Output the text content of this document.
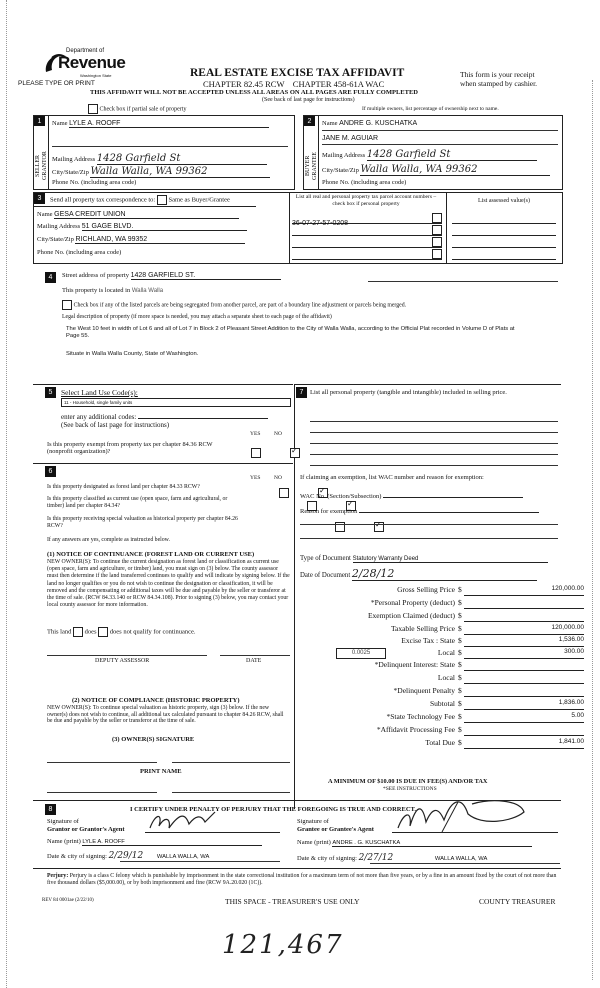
Department of
Revenue
Washington State
PLEASE TYPE OR PRINT
REAL ESTATE EXCISE TAX AFFIDAVIT
CHAPTER 82.45 RCW    CHAPTER 458-61A WAC
This form is your receipt
when stamped by cashier.
THIS AFFIDAVIT WILL NOT BE ACCEPTED UNLESS ALL AREAS ON ALL PAGES ARE FULLY COMPLETED
(See back of last page for instructions)
Check box if partial sale of property	If multiple owners, list percentage of ownership next to name.
1
SELLER GRANTOR
Name LYLE A. ROOFF
Mailing Address 1428 Garfield St
City/State/Zip Walla Walla, WA 99362
Phone No. (including area code)
2
BUYER GRANTEE
Name ANDRE G. KUSCHATKA
JANE M. AGUIAR
Mailing Address 1428 Garfield St
City/State/Zip Walla Walla, WA 99362
Phone No. (including area code)
3	Send all property tax correspondence to: Same as Buyer/Grantee
Name GESA CREDIT UNION
Mailing Address 51 GAGE BLVD.
City/State/Zip RICHLAND, WA 99352
Phone No. (including area code)
List all real and personal property tax parcel account numbers – check box if personal property	List assessed value(s)
36-07-27-57-0208
4	Street address of property 1428 GARFIELD ST.
This property is located in Walla Walla
Check box if any of the listed parcels are being segregated from another parcel, are part of a boundary line adjustment or parcels being merged.
Legal description of property (if more space is needed, you may attach a separate sheet to each page of the affidavit)
The West 10 feet in width of Lot 6 and all of Lot 7 in Block 2 of Pleasant Street Addition to the City of Walla Walla, according to the Official Plat recorded in Volume D of Plats at Page 55.
Situate in Walla Walla County, State of Washington.
5	Select Land Use Code(s):
11 - Household, single family units
enter any additional codes:
(See back of last page for instructions)
YES NO
Is this property exempt from property tax per chapter 84.36 RCW (nonprofit organization)?
✓
6
YES NO
Is this property designated as forest land per chapter 84.33 RCW?
✓
Is this property classified as current use (open space, farm and agricultural, or timber) land per chapter 84.34?
✓
Is this property receiving special valuation as historical property per chapter 84.26 RCW?
✓
If any answers are yes, complete as instructed below.
(1) NOTICE OF CONTINUANCE (FOREST LAND OR CURRENT USE)
NEW OWNER(S): To continue the current designation as forest land or classification as current use (open space, farm and agriculture, or timber) land, you must sign on (3) below. The county assessor must then determine if the land transferred continues to qualify and will indicate by signing below. If the land no longer qualifies or you do not wish to continue the designation or classification, it will be removed and the compensating or additional taxes will be due and payable by the seller or transferor at the time of sale. (RCW 84.33.140 or RCW 84.34.108). Prior to signing (3) below, you may contact your local county assessor for more information.
This land does does not qualify for continuance.
DEPUTY ASSESSOR	DATE
(2) NOTICE OF COMPLIANCE (HISTORIC PROPERTY)
NEW OWNER(S): To continue special valuation as historic property, sign (3) below. If the new owner(s) does not wish to continue, all additional tax calculated pursuant to chapter 84.26 RCW, shall be due and payable by the seller or transferor at the time of sale.
(3) OWNER(S) SIGNATURE
PRINT NAME
7	List all personal property (tangible and intangible) included in selling price.
If claiming an exemption, list WAC number and reason for exemption:
WAC No. (Section/Subsection)
Reason for exemption
Type of Document Statutory Warranty Deed
Date of Document 2/28/12
Gross Selling Price $	120,000.00
*Personal Property (deduct) $
Exemption Claimed (deduct) $
Taxable Selling Price $	120,000.00
Excise Tax : State $	1,536.00
0.0025	Local $	300.00
*Delinquent Interest: State $
Local $
*Delinquent Penalty $
Subtotal $	1,836.00
*State Technology Fee $	5.00
*Affidavit Processing Fee $
Total Due $	1,841.00
A MINIMUM OF $10.00 IS DUE IN FEE(S) AND/OR TAX
*SEE INSTRUCTIONS
8	I CERTIFY UNDER PENALTY OF PERJURY THAT THE FOREGOING IS TRUE AND CORRECT.
Signature of
Grantor or Grantor's Agent
Name (print) LYLE A. ROOFF
Date & city of signing: 2/29/12 WALLA WALLA, WA
Signature of
Grantee or Grantee's Agent
Name (print) ANDRE . G. KUSCHATKA
Date & city of signing: 2/27/12	WALLA WALLA, WA
Perjury: Perjury is a class C felony which is punishable by imprisonment in the state correctional institution for a maximum term of not more than five years, or by a fine in an amount fixed by the court of not more than five thousand dollars ($5,000.00), or by both imprisonment and fine (RCW 9A.20.020 (1C)).
REV 84 0001ae (2/22/10)	THIS SPACE - TREASURER'S USE ONLY	COUNTY TREASURER
121,467
